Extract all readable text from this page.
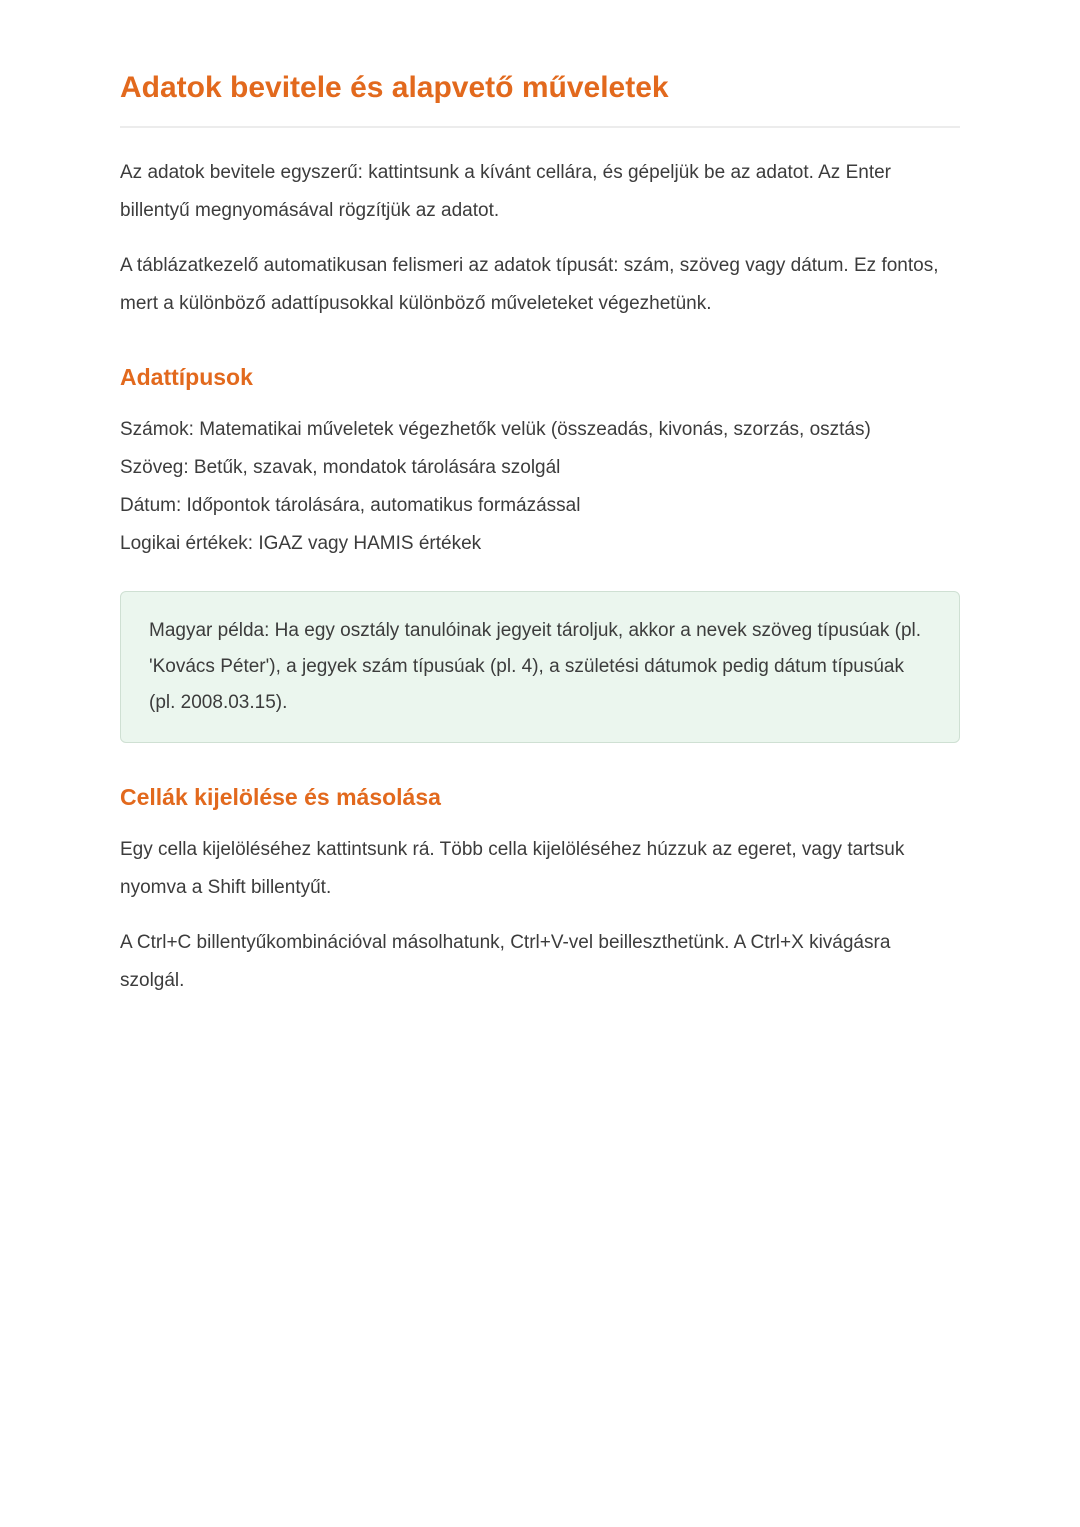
Adatok bevitele és alapvető műveletek

Az adatok bevitele egyszerű: kattintsunk a kívánt cellára, és gépeljük be az adatot. Az Enter billentyű megnyomásával rögzítjük az adatot.

A táblázatkezelő automatikusan felismeri az adatok típusát: szám, szöveg vagy dátum. Ez fontos, mert a különböző adattípusokkal különböző műveleteket végezhetünk.

Adattípusok

Számok: Matematikai műveletek végezhetők velük (összeadás, kivonás, szorzás, osztás)
Szöveg: Betűk, szavak, mondatok tárolására szolgál
Dátum: Időpontok tárolására, automatikus formázással
Logikai értékek: IGAZ vagy HAMIS értékek

Magyar példa: Ha egy osztály tanulóinak jegyeit tároljuk, akkor a nevek szöveg típusúak (pl. 'Kovács Péter'), a jegyek szám típusúak (pl. 4), a születési dátumok pedig dátum típusúak (pl. 2008.03.15).

Cellák kijelölése és másolása

Egy cella kijelöléséhez kattintsunk rá. Több cella kijelöléséhez húzzuk az egeret, vagy tartsuk nyomva a Shift billentyűt.

A Ctrl+C billentyűkombinációval másolhatunk, Ctrl+V-vel beilleszthetünk. A Ctrl+X kivágásra szolgál.
